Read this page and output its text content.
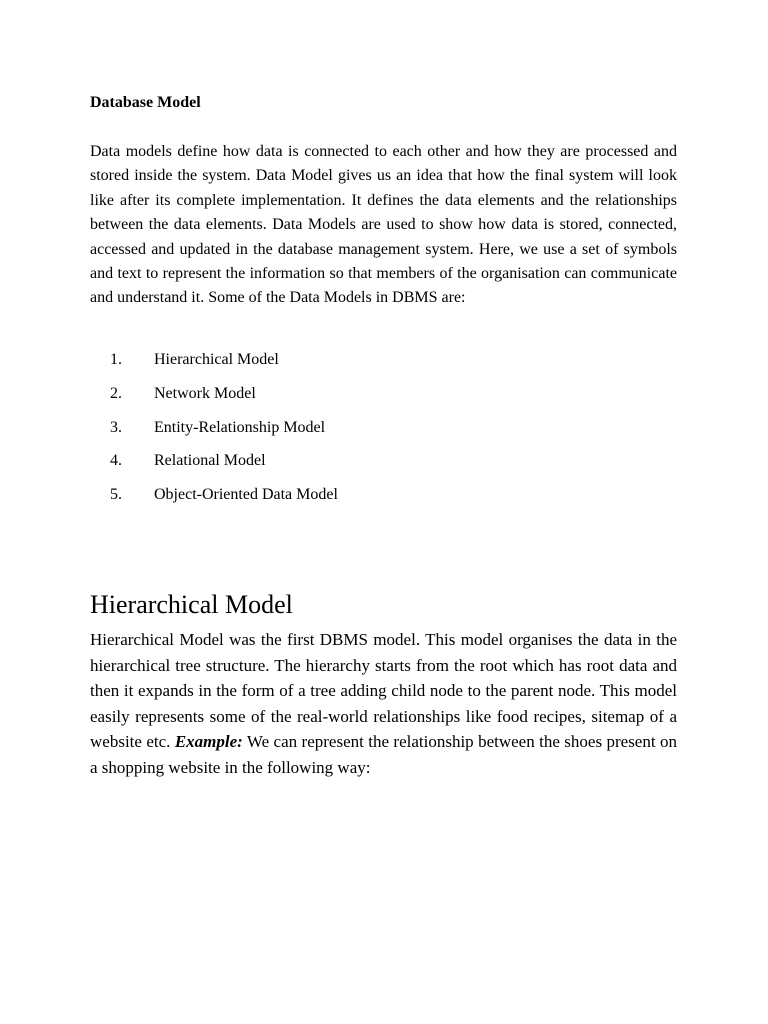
Database Model

Data models define how data is connected to each other and how they are processed and stored inside the system. Data Model gives us an idea that how the final system will look like after its complete implementation. It defines the data elements and the relationships between the data elements. Data Models are used to show how data is stored, connected, accessed and updated in the database management system. Here, we use a set of symbols and text to represent the information so that members of the organisation can communicate and understand it. Some of the Data Models in DBMS are:

1.	Hierarchical Model
2.	Network Model
3.	Entity-Relationship Model
4.	Relational Model
5.	Object-Oriented Data Model
Hierarchical Model

Hierarchical Model was the first DBMS model. This model organises the data in the hierarchical tree structure. The hierarchy starts from the root which has root data and then it expands in the form of a tree adding child node to the parent node. This model easily represents some of the real-world relationships like food recipes, sitemap of a website etc. Example: We can represent the relationship between the shoes present on a shopping website in the following way:
